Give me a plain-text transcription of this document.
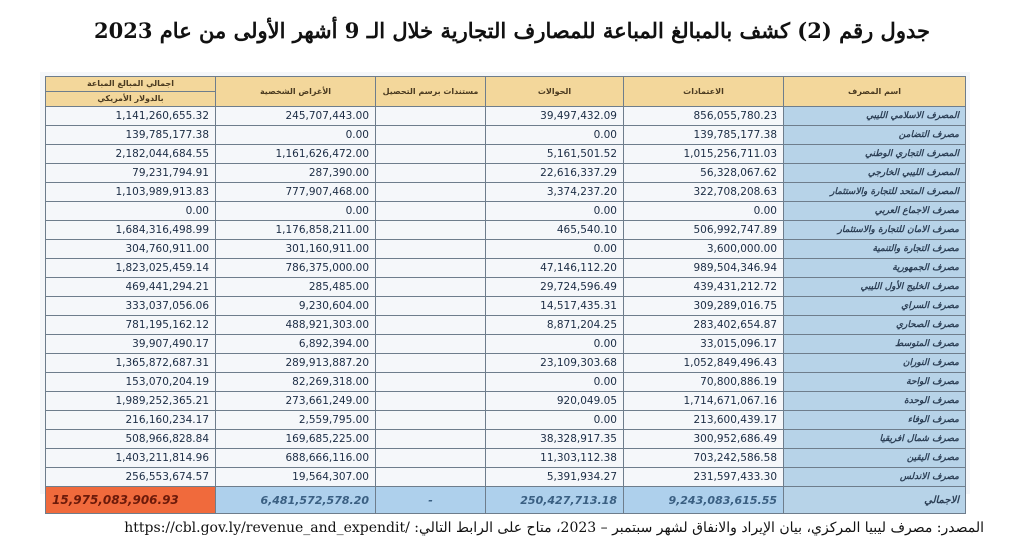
جدول رقم (2) كشف بالمبالغ المباعة للمصارف التجارية خلال الـ 9 أشهر الأولى من عام 2023
اجمالي المبالغ المباعة
بالدولار الأمريكي	الأغراض الشخصية	مستندات برسم التحصيل	الحوالات	الاعتمادات	اسم المصرف
1,141,260,655.32	245,707,443.00		39,497,432.09	856,055,780.23	المصرف الاسلامي الليبي
139,785,177.38	0.00		0.00	139,785,177.38	مصرف التضامن
2,182,044,684.55	1,161,626,472.00		5,161,501.52	1,015,256,711.03	المصرف التجاري الوطني
79,231,794.91	287,390.00		22,616,337.29	56,328,067.62	المصرف الليبي الخارجي
1,103,989,913.83	777,907,468.00		3,374,237.20	322,708,208.63	المصرف المتحد للتجارة والاستثمار
0.00	0.00		0.00	0.00	مصرف الاجماع العربي
1,684,316,498.99	1,176,858,211.00		465,540.10	506,992,747.89	مصرف الامان للتجارة والاستثمار
304,760,911.00	301,160,911.00		0.00	3,600,000.00	مصرف التجارة والتنمية
1,823,025,459.14	786,375,000.00		47,146,112.20	989,504,346.94	مصرف الجمهورية
469,441,294.21	285,485.00		29,724,596.49	439,431,212.72	مصرف الخليج الأول الليبي
333,037,056.06	9,230,604.00		14,517,435.31	309,289,016.75	مصرف السراي
781,195,162.12	488,921,303.00		8,871,204.25	283,402,654.87	مصرف الصحاري
39,907,490.17	6,892,394.00		0.00	33,015,096.17	مصرف المتوسط
1,365,872,687.31	289,913,887.20		23,109,303.68	1,052,849,496.43	مصرف النوران
153,070,204.19	82,269,318.00		0.00	70,800,886.19	مصرف الواحة
1,989,252,365.21	273,661,249.00		920,049.05	1,714,671,067.16	مصرف الوحدة
216,160,234.17	2,559,795.00		0.00	213,600,439.17	مصرف الوفاء
508,966,828.84	169,685,225.00		38,328,917.35	300,952,686.49	مصرف شمال افريقيا
1,403,211,814.96	688,666,116.00		11,303,112.38	703,242,586.58	مصرف اليقين
256,553,674.57	19,564,307.00		5,391,934.27	231,597,433.30	مصرف الاندلس
15,975,083,906.93	6,481,572,578.20	-	250,427,713.18	9,243,083,615.55	الاجمالي
المصدر: مصرف ليبيا المركزي، بيان الإيراد والانفاق لشهر سبتمبر – 2023، متاح على الرابط التالي: /https://cbl.gov.ly/revenue_and_expendit
